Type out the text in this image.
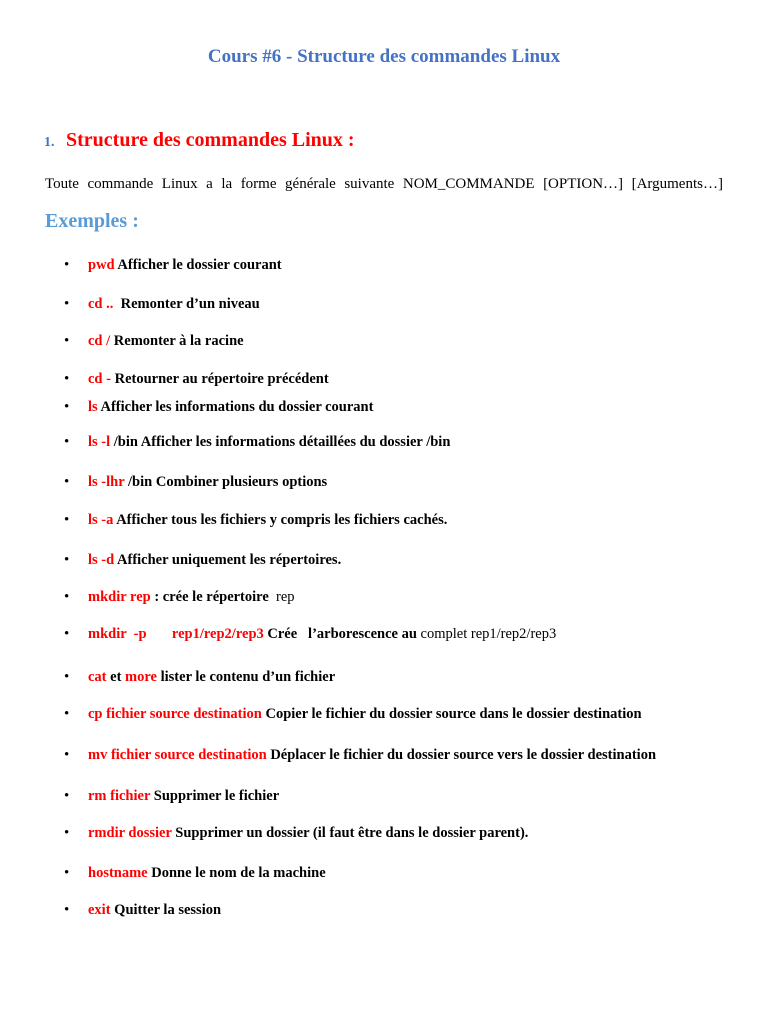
Cours #6 - Structure des commandes Linux
1. Structure des commandes Linux :

Toute commande Linux a la forme générale suivante NOM_COMMANDE [OPTION…] [Arguments…]

Exemples :
• pwd Afficher le dossier courant
• cd ..  Remonter d’un niveau
• cd / Remonter à la racine
• cd - Retourner au répertoire précédent
• ls Afficher les informations du dossier courant
• ls -l /bin Afficher les informations détaillées du dossier /bin
• ls -lhr /bin Combiner plusieurs options
• ls -a Afficher tous les fichiers y compris les fichiers cachés.
• ls -d Afficher uniquement les répertoires.
• mkdir rep : crée le répertoire  rep
• mkdir  -p       rep1/rep2/rep3 Crée   l’arborescence au complet rep1/rep2/rep3
• cat et more lister le contenu d’un fichier
• cp fichier source destination Copier le fichier du dossier source dans le dossier destination
• mv fichier source destination Déplacer le fichier du dossier source vers le dossier destination
• rm fichier Supprimer le fichier
• rmdir dossier Supprimer un dossier (il faut être dans le dossier parent).
• hostname Donne le nom de la machine
• exit Quitter la session
